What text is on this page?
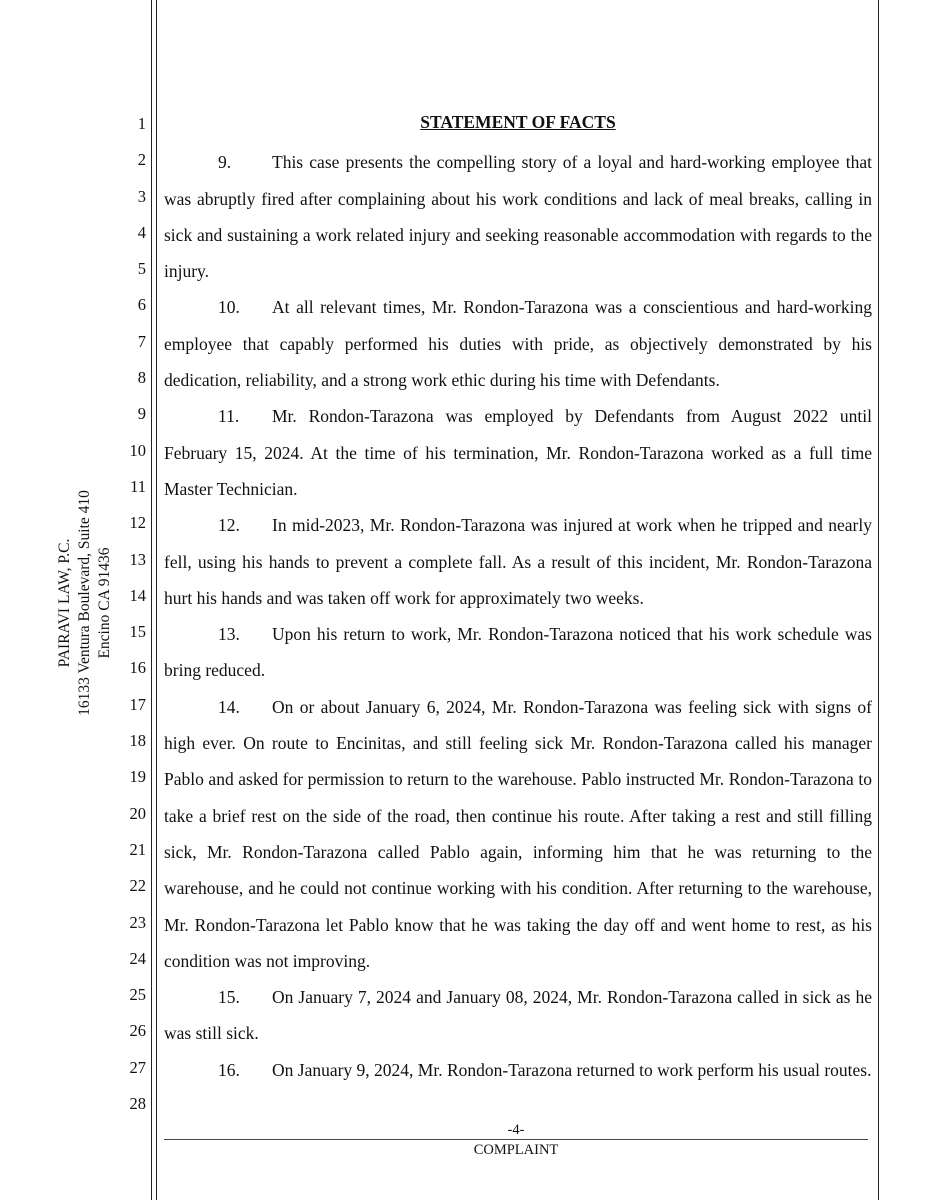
1
2
3
4
5
6
7
8
9
10
11
12
13
14
15
16
17
18
19
20
21
22
23
24
25
26
27
28
PAIRAVI LAW, P.C. 16133 Ventura Boulevard, Suite 410 Encino CA 91436

STATEMENT OF FACTS

9. This case presents the compelling story of a loyal and hard-working employee that was abruptly fired after complaining about his work conditions and lack of meal breaks, calling in sick and sustaining a work related injury and seeking reasonable accommodation with regards to the injury.

10. At all relevant times, Mr. Rondon-Tarazona was a conscientious and hard-working employee that capably performed his duties with pride, as objectively demonstrated by his dedication, reliability, and a strong work ethic during his time with Defendants.

11. Mr. Rondon-Tarazona was employed by Defendants from August 2022 until February 15, 2024. At the time of his termination, Mr. Rondon-Tarazona worked as a full time Master Technician.

12. In mid-2023, Mr. Rondon-Tarazona was injured at work when he tripped and nearly fell, using his hands to prevent a complete fall. As a result of this incident, Mr. Rondon-Tarazona hurt his hands and was taken off work for approximately two weeks.

13. Upon his return to work, Mr. Rondon-Tarazona noticed that his work schedule was bring reduced.

14. On or about January 6, 2024, Mr. Rondon-Tarazona was feeling sick with signs of high ever. On route to Encinitas, and still feeling sick Mr. Rondon-Tarazona called his manager Pablo and asked for permission to return to the warehouse. Pablo instructed Mr. Rondon-Tarazona to take a brief rest on the side of the road, then continue his route. After taking a rest and still filling sick, Mr. Rondon-Tarazona called Pablo again, informing him that he was returning to the warehouse, and he could not continue working with his condition. After returning to the warehouse, Mr. Rondon-Tarazona let Pablo know that he was taking the day off and went home to rest, as his condition was not improving.

15. On January 7, 2024 and January 08, 2024, Mr. Rondon-Tarazona called in sick as he was still sick.

16. On January 9, 2024, Mr. Rondon-Tarazona returned to work perform his usual routes.

-4-
COMPLAINT
